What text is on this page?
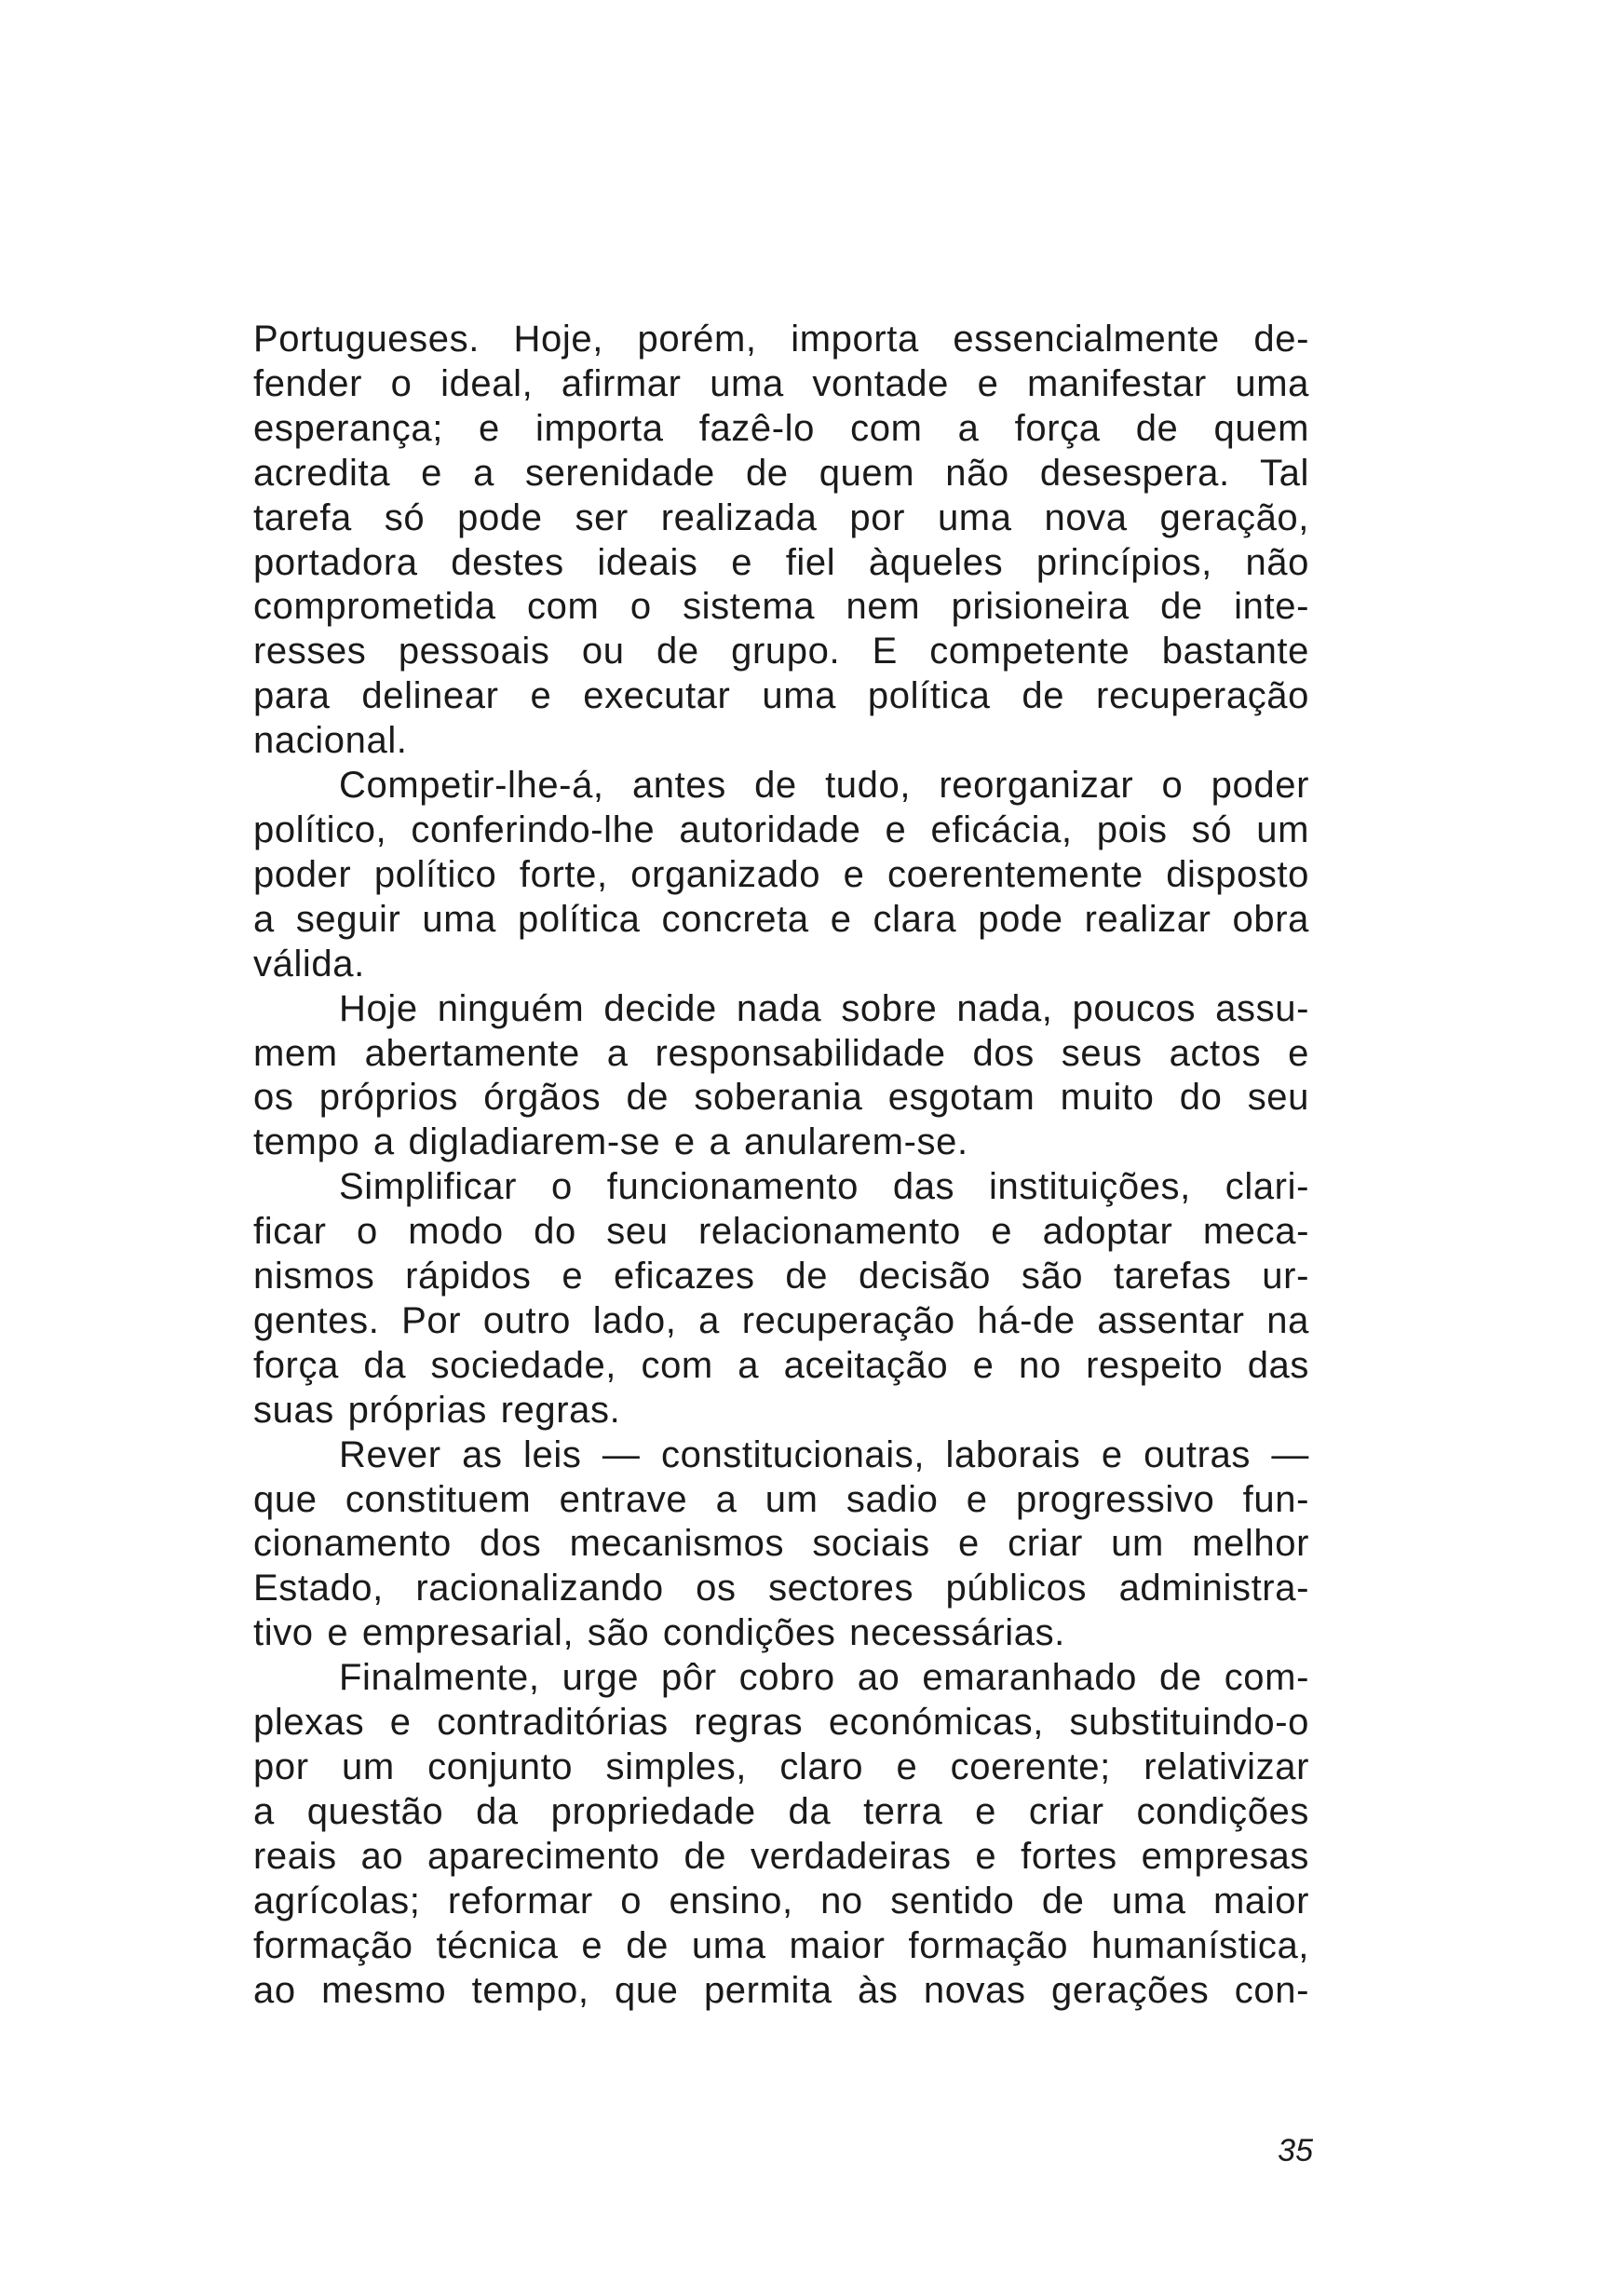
Portugueses. Hoje, porém, importa essencialmente de-
fender o ideal, afirmar uma vontade e manifestar uma
esperança; e importa fazê-lo com a força de quem
acredita e a serenidade de quem não desespera. Tal
tarefa só pode ser realizada por uma nova geração,
portadora destes ideais e fiel àqueles princípios, não
comprometida com o sistema nem prisioneira de inte-
resses pessoais ou de grupo. E competente bastante
para delinear e executar uma política de recuperação
nacional.
Competir-lhe-á, antes de tudo, reorganizar o poder
político, conferindo-lhe autoridade e eficácia, pois só um
poder político forte, organizado e coerentemente disposto
a seguir uma política concreta e clara pode realizar obra
válida.
Hoje ninguém decide nada sobre nada, poucos assu-
mem abertamente a responsabilidade dos seus actos e
os próprios órgãos de soberania esgotam muito do seu
tempo a digladiarem-se e a anularem-se.
Simplificar o funcionamento das instituições, clari-
ficar o modo do seu relacionamento e adoptar meca-
nismos rápidos e eficazes de decisão são tarefas ur-
gentes. Por outro lado, a recuperação há-de assentar na
força da sociedade, com a aceitação e no respeito das
suas próprias regras.
Rever as leis — constitucionais, laborais e outras —
que constituem entrave a um sadio e progressivo fun-
cionamento dos mecanismos sociais e criar um melhor
Estado, racionalizando os sectores públicos administra-
tivo e empresarial, são condições necessárias.
Finalmente, urge pôr cobro ao emaranhado de com-
plexas e contraditórias regras económicas, substituindo-o
por um conjunto simples, claro e coerente; relativizar
a questão da propriedade da terra e criar condições
reais ao aparecimento de verdadeiras e fortes empresas
agrícolas; reformar o ensino, no sentido de uma maior
formação técnica e de uma maior formação humanística,
ao mesmo tempo, que permita às novas gerações con-
35
